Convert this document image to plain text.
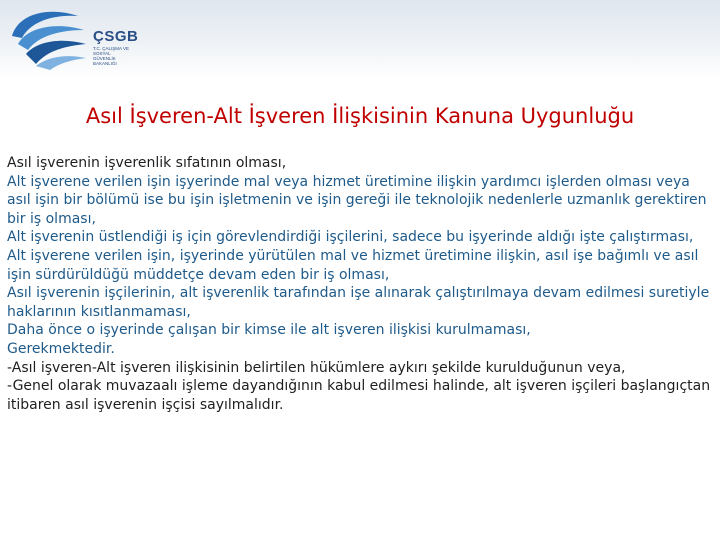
ÇSGB
T.C. ÇALIŞMA VE
SOSYAL GÜVENLİK
BAKANLIĞI
Asıl İşveren-Alt İşveren İlişkisinin Kanuna Uygunluğu

Asıl işverenin işverenlik sıfatının olması,

Alt işverene verilen işin işyerinde mal veya hizmet üretimine ilişkin yardımcı işlerden olması veya asıl işin bir bölümü ise bu işin işletmenin ve işin gereği ile teknolojik nedenlerle uzmanlık gerektiren bir iş olması,

Alt işverenin üstlendiği iş için görevlendirdiği işçilerini, sadece bu işyerinde aldığı işte çalıştırması,

Alt işverene verilen işin, işyerinde yürütülen mal ve hizmet üretimine ilişkin, asıl işe bağımlı ve asıl işin sürdürüldüğü müddetçe devam eden bir iş olması,

Asıl işverenin işçilerinin, alt işverenlik tarafından işe alınarak çalıştırılmaya devam edilmesi suretiyle haklarının kısıtlanmaması,

Daha önce o işyerinde çalışan bir kimse ile alt işveren ilişkisi kurulmaması,

Gerekmektedir.

-Asıl işveren-Alt işveren ilişkisinin belirtilen hükümlere aykırı şekilde kurulduğunun veya,

-Genel olarak muvazaalı işleme dayandığının kabul edilmesi halinde, alt işveren işçileri başlangıçtan itibaren asıl işverenin işçisi sayılmalıdır.
